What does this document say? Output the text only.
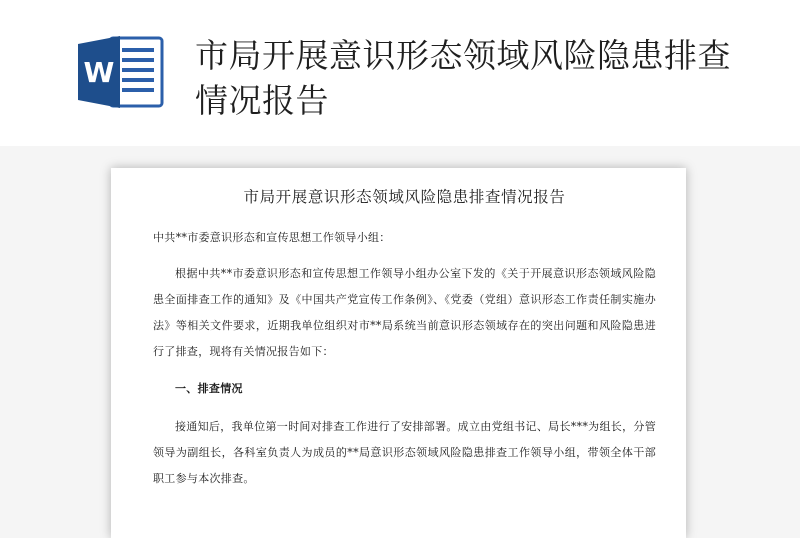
W 市局开展意识形态领域风险隐患排查情况报告
市局开展意识形态领域风险隐患排查情况报告

中共**市委意识形态和宣传思想工作领导小组：

根据中共**市委意识形态和宣传思想工作领导小组办公室下发的《关于开展意识形态领域风险隐患全面排查工作的通知》及《中国共产党宣传工作条例》、《党委（党组）意识形态工作责任制实施办法》等相关文件要求，近期我单位组织对市**局系统当前意识形态领域存在的突出问题和风险隐患进行了排查，现将有关情况报告如下：

一、排查情况

接通知后，我单位第一时间对排查工作进行了安排部署。成立由党组书记、局长***为组长，分管领导为副组长，各科室负责人为成员的**局意识形态领域风险隐患排查工作领导小组，带领全体干部职工参与本次排查。
